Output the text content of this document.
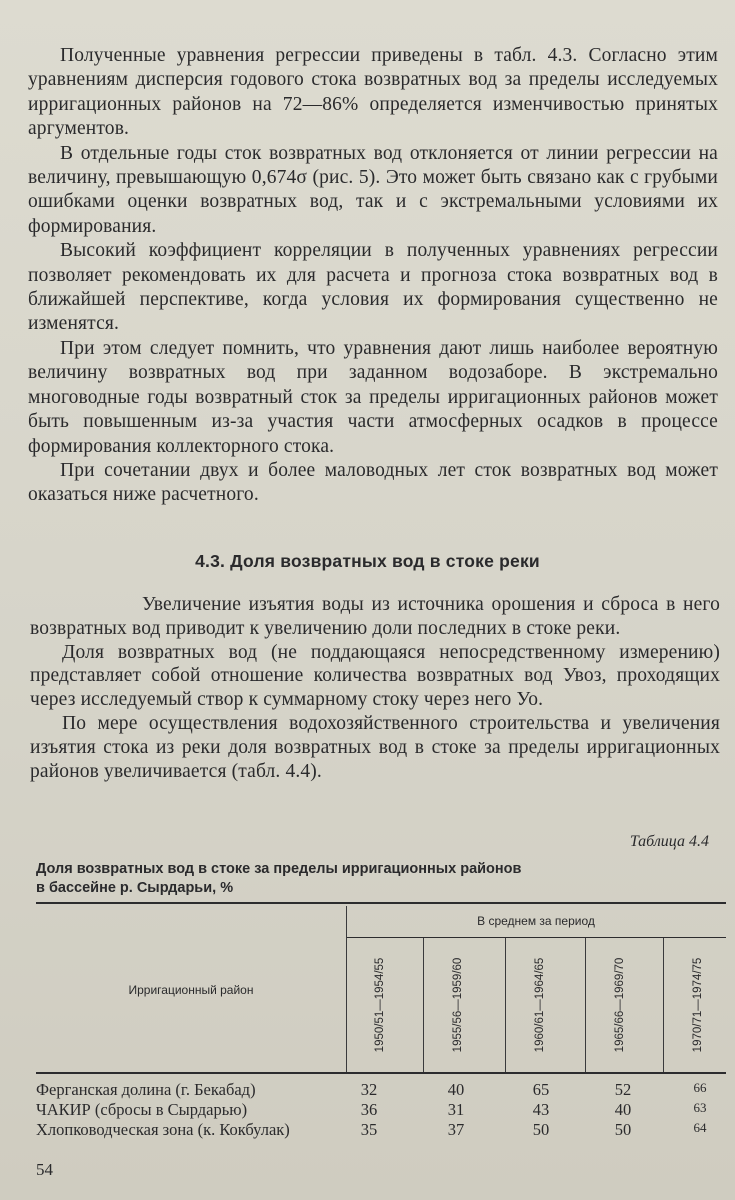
Полученные уравнения регрессии приведены в табл. 4.3. Согласно этим уравнениям дисперсия годового стока возвратных вод за пределы исследуемых ирригационных районов на 72—86% определяется изменчивостью принятых аргументов.

В отдельные годы сток возвратных вод отклоняется от линии регрессии на величину, превышающую 0,674σ (рис. 5). Это может быть связано как с грубыми ошибками оценки возвратных вод, так и с экстремальными условиями их формирования.

Высокий коэффициент корреляции в полученных уравнениях регрессии позволяет рекомендовать их для расчета и прогноза стока возвратных вод в ближайшей перспективе, когда условия их формирования существенно не изменятся.

При этом следует помнить, что уравнения дают лишь наиболее вероятную величину возвратных вод при заданном водозаборе. В экстремально многоводные годы возвратный сток за пределы ирригационных районов может быть повышенным из-за участия части атмосферных осадков в процессе формирования коллекторного стока.

При сочетании двух и более маловодных лет сток возвратных вод может оказаться ниже расчетного.

4.3. Доля возвратных вод в стоке реки

Увеличение изъятия воды из источника орошения и сброса в него возвратных вод приводит к увеличению доли последних в стоке реки.

Доля возвратных вод (не поддающаяся непосредственному измерению) представляет собой отношение количества возвратных вод Увоз, проходящих через исследуемый створ к суммарному стоку через него Уо.

По мере осуществления водохозяйственного строительства и увеличения изъятия стока из реки доля возвратных вод в стоке за пределы ирригационных районов увеличивается (табл. 4.4).

Таблица 4.4
Доля возвратных вод в стоке за пределы ирригационных районов
в бассейне р. Сырдарьи, %
В среднем за период
Ирригационный район	1950/51—1954/55	1955/56—1959/60	1960/61—1964/65	1965/66—1969/70	1970/71—1974/75
Ферганская долина (г. Бекабад)	32	40	65	52	66
ЧАКИР (сбросы в Сырдарью)	36	31	43	40	63
Хлопководческая зона (к. Кокбулак)	35	37	50	50	64
54
